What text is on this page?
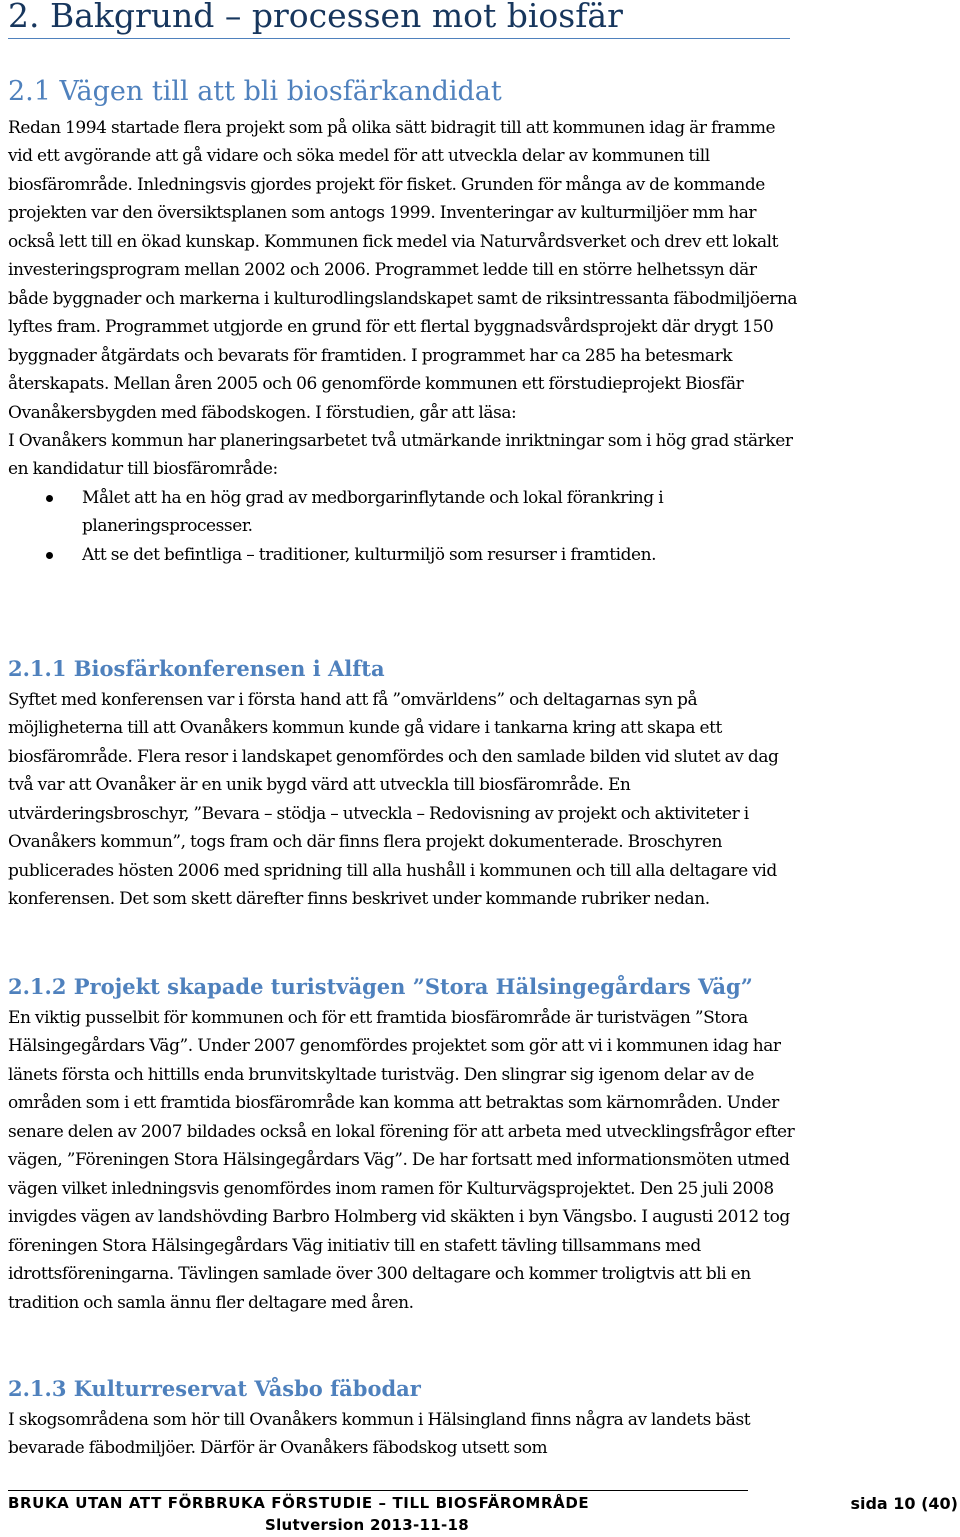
2. Bakgrund – processen mot biosfär
2.1 Vägen till att bli biosfärkandidat

Redan 1994 startade flera projekt som på olika sätt bidragit till att kommunen idag är framme vid ett avgörande att gå vidare och söka medel för att utveckla delar av kommunen till biosfärområde. Inledningsvis gjordes projekt för fisket. Grunden för många av de kommande projekten var den översiktsplanen som antogs 1999. Inventeringar av kulturmiljöer mm har också lett till en ökad kunskap. Kommunen fick medel via Naturvårdsverket och drev ett lokalt investeringsprogram mellan 2002 och 2006. Programmet ledde till en större helhetssyn där både byggnader och markerna i kulturodlingslandskapet samt de riksintressanta fäbodmiljöerna lyftes fram. Programmet utgjorde en grund för ett flertal byggnadsvårdsprojekt där drygt 150 byggnader åtgärdats och bevarats för framtiden. I programmet har ca 285 ha betesmark återskapats. Mellan åren 2005 och 06 genomförde kommunen ett förstudieprojekt Biosfär Ovanåkersbygden med fäbodskogen. I förstudien, går att läsa:

I Ovanåkers kommun har planeringsarbetet två utmärkande inriktningar som i hög grad stärker en kandidatur till biosfärområde:

Målet att ha en hög grad av medborgarinflytande och lokal förankring i planeringsprocesser.
Att se det befintliga – traditioner, kulturmiljö som resurser i framtiden.
2.1.1 Biosfärkonferensen i Alfta

Syftet med konferensen var i första hand att få ”omvärldens” och deltagarnas syn på möjligheterna till att Ovanåkers kommun kunde gå vidare i tankarna kring att skapa ett biosfärområde. Flera resor i landskapet genomfördes och den samlade bilden vid slutet av dag två var att Ovanåker är en unik bygd värd att utveckla till biosfärområde. En utvärderingsbroschyr, ”Bevara – stödja – utveckla – Redovisning av projekt och aktiviteter i Ovanåkers kommun”, togs fram och där finns flera projekt dokumenterade. Broschyren publicerades hösten 2006 med spridning till alla hushåll i kommunen och till alla deltagare vid konferensen. Det som skett därefter finns beskrivet under kommande rubriker nedan.

2.1.2 Projekt skapade turistvägen ”Stora Hälsingegårdars Väg”

En viktig pusselbit för kommunen och för ett framtida biosfärområde är turistvägen ”Stora Hälsingegårdars Väg”. Under 2007 genomfördes projektet som gör att vi i kommunen idag har länets första och hittills enda brunvitskyltade turistväg. Den slingrar sig igenom delar av de områden som i ett framtida biosfärområde kan komma att betraktas som kärnområden. Under senare delen av 2007 bildades också en lokal förening för att arbeta med utvecklingsfrågor efter vägen, ”Föreningen Stora Hälsingegårdars Väg”. De har fortsatt med informationsmöten utmed vägen vilket inledningsvis genomfördes inom ramen för Kulturvägsprojektet. Den 25 juli 2008 invigdes vägen av landshövding Barbro Holmberg vid skäkten i byn Vängsbo. I augusti 2012 tog föreningen Stora Hälsingegårdars Väg initiativ till en stafett tävling tillsammans med idrottsföreningarna. Tävlingen samlade över 300 deltagare och kommer troligtvis att bli en tradition och samla ännu fler deltagare med åren.

2.1.3 Kulturreservat Våsbo fäbodar

I skogsområdena som hör till Ovanåkers kommun i Hälsingland finns några av landets bäst bevarade fäbodmiljöer. Därför är Ovanåkers fäbodskog utsett som

BRUKA UTAN ATT FÖRBRUKA FÖRSTUDIE – TILL BIOSFÄROMRÅDE	sida 10 (40)
Slutversion 2013-11-18
